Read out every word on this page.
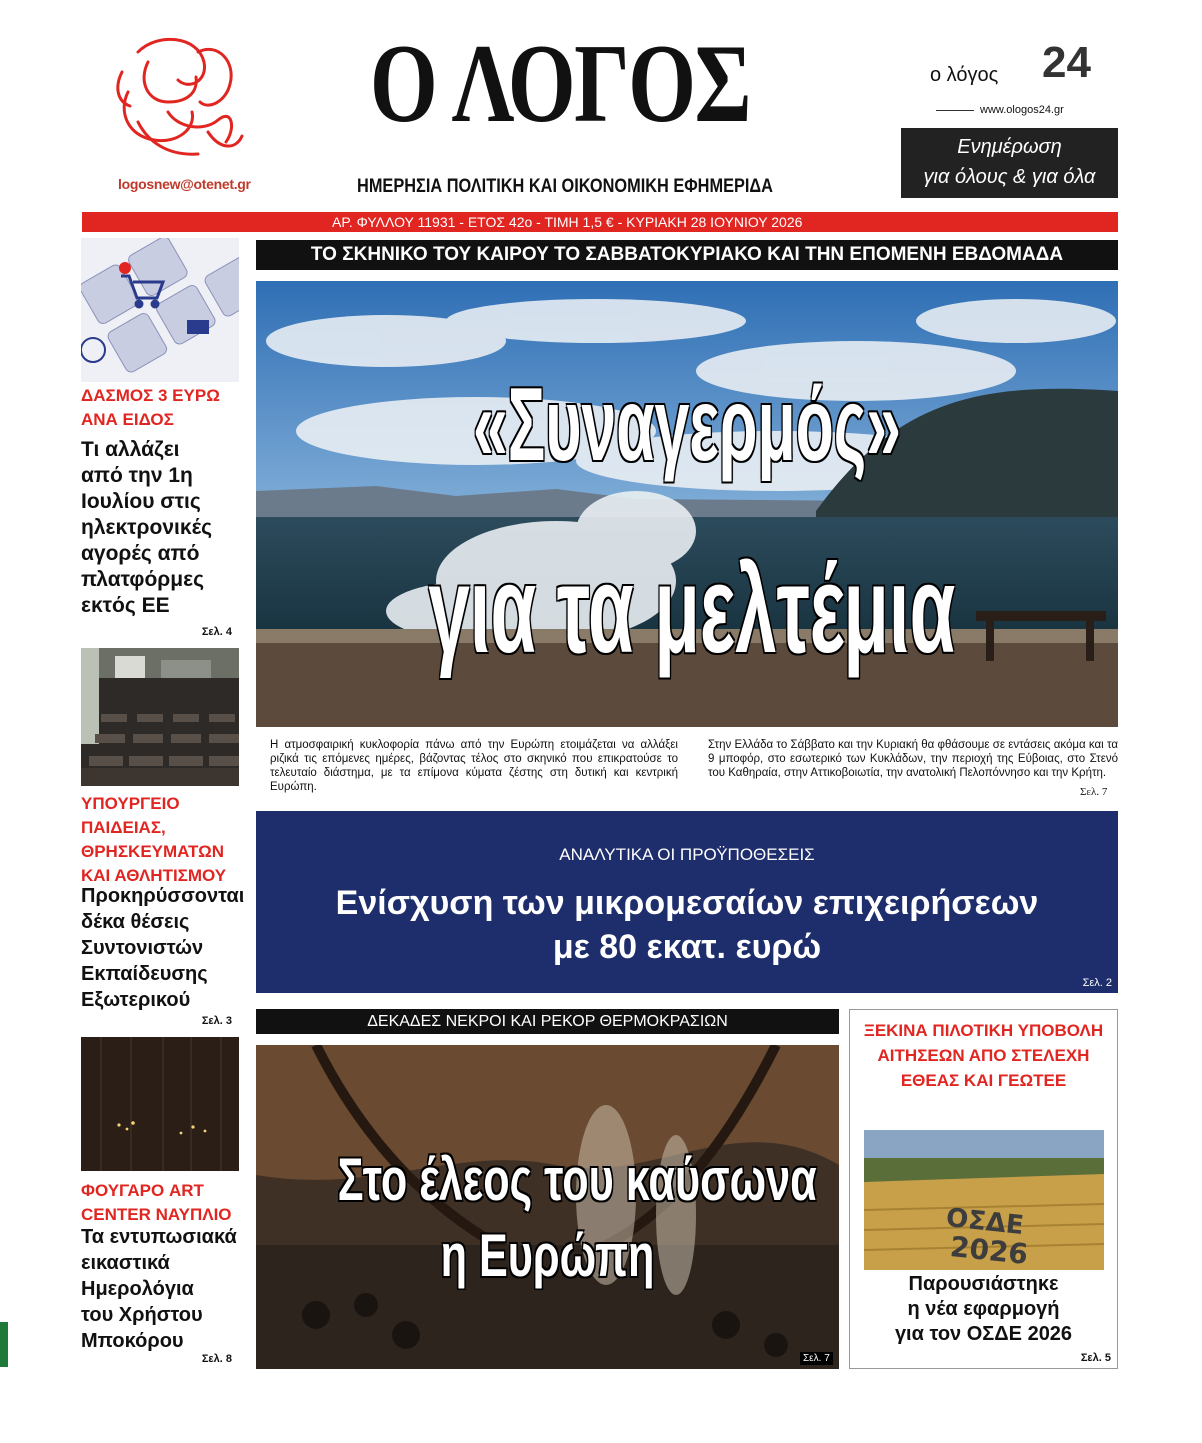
logosnew@otenet.gr
Ο ΛΟΓΟΣ
ΗΜΕΡΗΣΙΑ ΠΟΛΙΤΙΚΗ ΚΑΙ ΟΙΚΟΝΟΜΙΚΗ ΕΦΗΜΕΡΙΔΑ
ο λόγος 24
www.ologos24.gr
Ενημέρωση
για όλους & για όλα
ΑΡ. ΦΥΛΛΟΥ 11931 - ΕΤΟΣ 42ο - ΤΙΜΗ 1,5 € - ΚΥΡΙΑΚΗ 28 ΙΟΥΝΙΟΥ 2026
ΔΑΣΜΟΣ 3 ΕΥΡΩ
ΑΝΑ ΕΙΔΟΣ
Τι αλλάζει
από την 1η
Ιουλίου στις
ηλεκτρονικές
αγορές από
πλατφόρμες
εκτός ΕΕ
Σελ. 4
ΥΠΟΥΡΓΕΙΟ
ΠΑΙΔΕΙΑΣ,
ΘΡΗΣΚΕΥΜΑΤΩΝ
ΚΑΙ ΑΘΛΗΤΙΣΜΟΥ
Προκηρύσσονται
δέκα θέσεις
Συντονιστών
Εκπαίδευσης
Εξωτερικού
Σελ. 3
ΦΟΥΓΑΡΟ ART
CENTER ΝΑΥΠΛΙΟ
Τα εντυπωσιακά
εικαστικά
Ημερολόγια
του Χρήστου
Μποκόρου
Σελ. 8
ΤΟ ΣΚΗΝΙΚΟ ΤΟΥ ΚΑΙΡΟΥ ΤΟ ΣΑΒΒΑΤΟΚΥΡΙΑΚΟ ΚΑΙ ΤΗΝ ΕΠΟΜΕΝΗ ΕΒΔΟΜΑΔΑ
«Συναγερμός»
για τα μελτέμια
Η ατμοσφαιρική κυκλοφορία πάνω από την Ευρώπη ετοιμάζεται να αλλάξει ριζικά τις επόμενες ημέρες, βάζοντας τέλος στο σκηνικό που επικρατούσε το τελευταίο διάστημα, με τα επίμονα κύματα ζέστης στη δυτική και κεντρική Ευρώπη.
Στην Ελλάδα το Σάββατο και την Κυριακή θα φθάσουμε σε εντάσεις ακόμα και τα 9 μποφόρ, στο εσωτερικό των Κυκλάδων, την περιοχή της Εύβοιας, στο Στενό του Καθηραία, στην Αττικοβοιωτία, την ανατολική Πελοπόννησο και την Κρήτη.
Σελ. 7
ΑΝΑΛΥΤΙΚΑ ΟΙ ΠΡΟΫΠΟΘΕΣΕΙΣ
Ενίσχυση των μικρομεσαίων επιχειρήσεων
με 80 εκατ. ευρώ
Σελ. 2
ΔΕΚΑΔΕΣ ΝΕΚΡΟΙ ΚΑΙ ΡΕΚΟΡ ΘΕΡΜΟΚΡΑΣΙΩΝ
Στο έλεος του καύσωνα
η Ευρώπη
Σελ. 7
ΞΕΚΙΝΑ ΠΙΛΟΤΙΚΗ ΥΠΟΒΟΛΗ
ΑΙΤΗΣΕΩΝ ΑΠΟ ΣΤΕΛΕΧΗ
ΕΘΕΑΣ ΚΑΙ ΓΕΩΤΕΕ
ΟΣΔΕ
2026
Παρουσιάστηκε
η νέα εφαρμογή
για τον ΟΣΔΕ 2026
Σελ. 5
